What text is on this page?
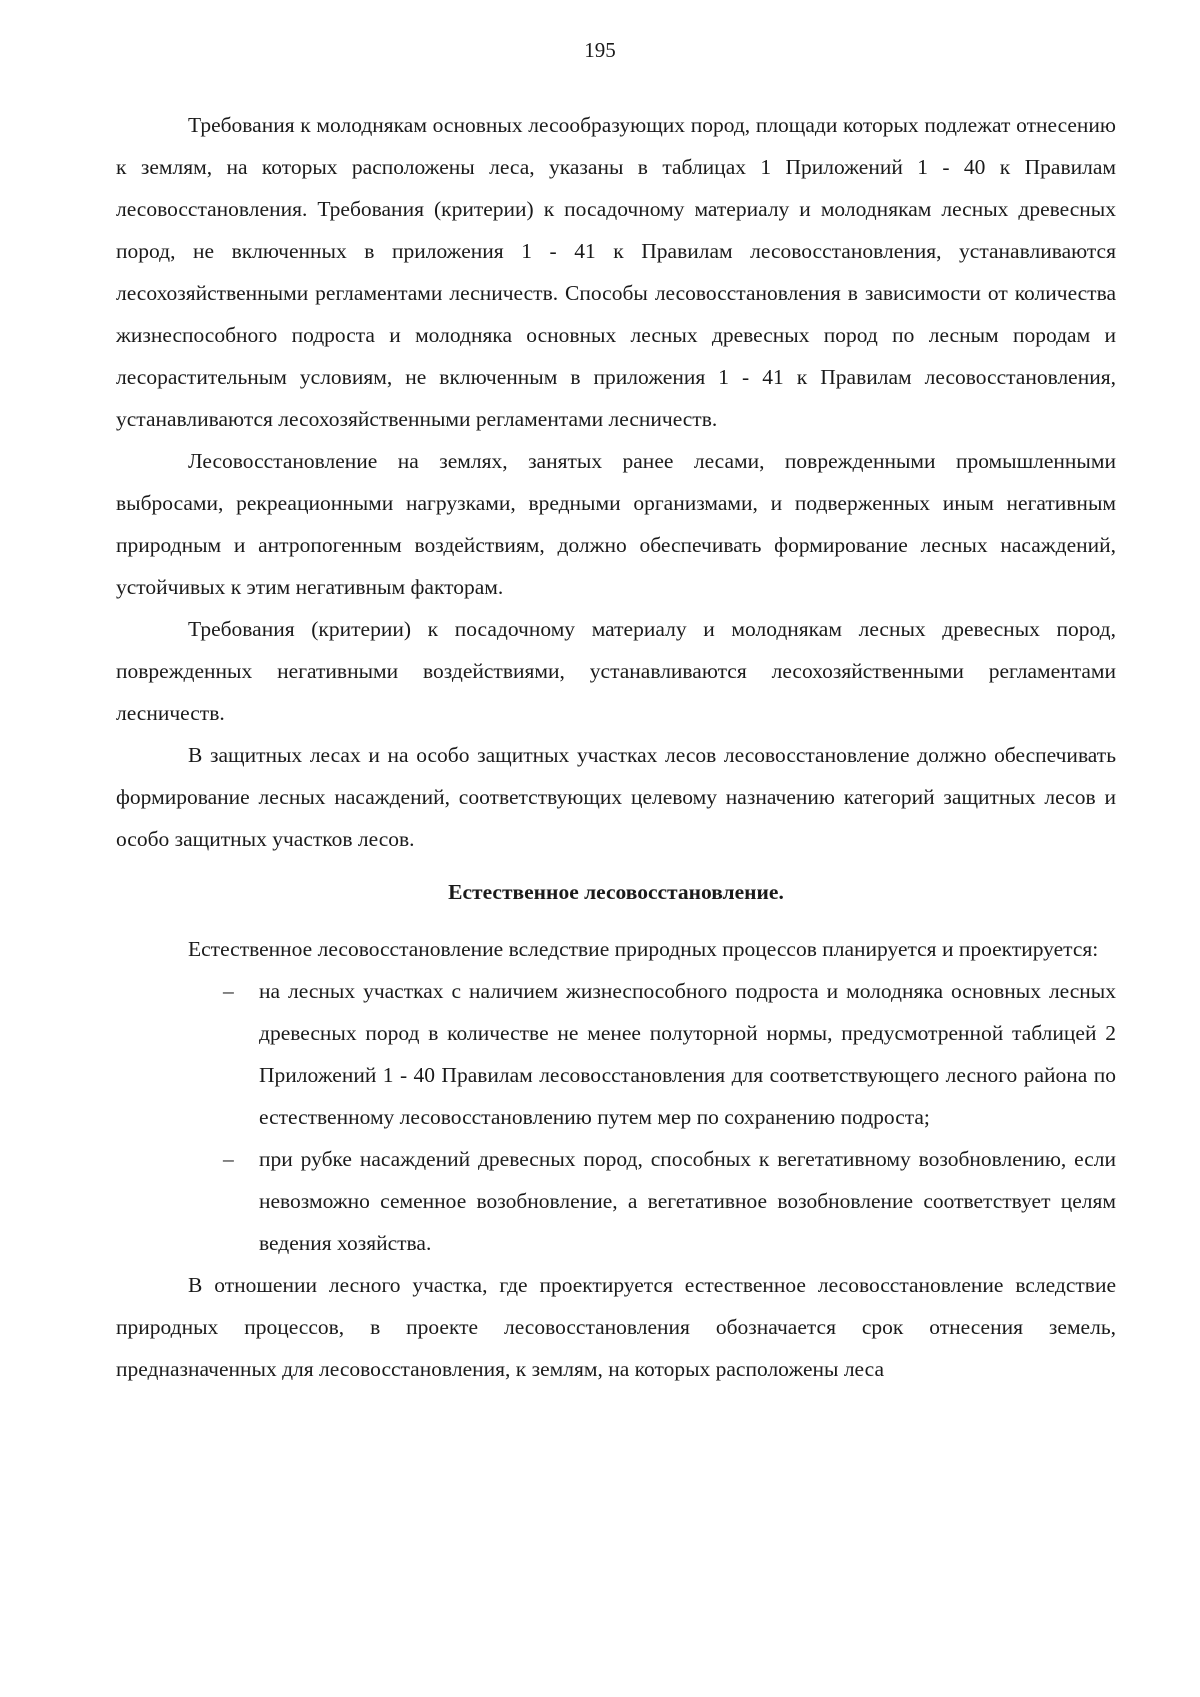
195

Требования к молоднякам основных лесообразующих пород, площади которых подлежат отнесению к землям, на которых расположены леса, указаны в таблицах 1 Приложений 1 - 40 к Правилам лесовосстановления. Требования (критерии) к посадочному материалу и молоднякам лесных древесных пород, не включенных в приложения 1 - 41 к Правилам лесовосстановления, устанавливаются лесохозяйственными регламентами лесничеств. Способы лесовосстановления в зависимости от количества жизнеспособного подроста и молодняка основных лесных древесных пород по лесным породам и лесорастительным условиям, не включенным в приложения 1 - 41 к Правилам лесовосстановления, устанавливаются лесохозяйственными регламентами лесничеств.

Лесовосстановление на землях, занятых ранее лесами, поврежденными промышленными выбросами, рекреационными нагрузками, вредными организмами, и подверженных иным негативным природным и антропогенным воздействиям, должно обеспечивать формирование лесных насаждений, устойчивых к этим негативным факторам.

Требования (критерии) к посадочному материалу и молоднякам лесных древесных пород, поврежденных негативными воздействиями, устанавливаются лесохозяйственными регламентами лесничеств.

В защитных лесах и на особо защитных участках лесов лесовосстановление должно обеспечивать формирование лесных насаждений, соответствующих целевому назначению категорий защитных лесов и особо защитных участков лесов.

Естественное лесовосстановление.

Естественное лесовосстановление вследствие природных процессов планируется и проектируется:

– на лесных участках с наличием жизнеспособного подроста и молодняка основных лесных древесных пород в количестве не менее полуторной нормы, предусмотренной таблицей 2 Приложений 1 - 40 Правилам лесовосстановления для соответствующего лесного района по естественному лесовосстановлению путем мер по сохранению подроста;
– при рубке насаждений древесных пород, способных к вегетативному возобновлению, если невозможно семенное возобновление, а вегетативное возобновление соответствует целям ведения хозяйства.

В отношении лесного участка, где проектируется естественное лесовосстановление вследствие природных процессов, в проекте лесовосстановления обозначается срок отнесения земель, предназначенных для лесовосстановления, к землям, на которых расположены леса
